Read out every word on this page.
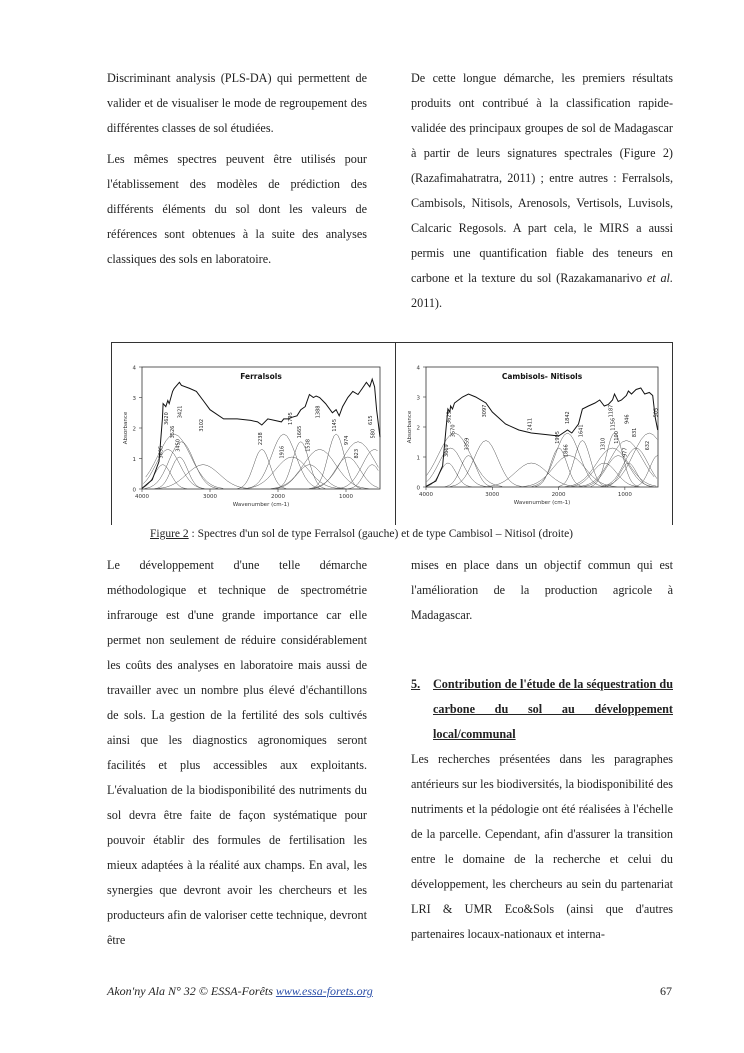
Discriminant analysis (PLS-DA) qui permettent de valider et de visualiser le mode de regroupement des différentes classes de sol étudiées.

Les mêmes spectres peuvent être utilisés pour l'établissement des modèles de prédiction des différents éléments du sol dont les valeurs de références sont obtenues à la suite des analyses classiques des sols en laboratoire.

De cette longue démarche, les premiers résultats produits ont contribué à la classification rapide-validée des principaux groupes de sol de Madagascar à partir de leurs signatures spectrales (Figure 2) (Razafimahatratra, 2011) ; entre autres : Ferralsols, Cambisols, Nitisols, Arenosols, Vertisols, Luvisols, Calcaric Regosols. A part cela, le MIRS a aussi permis une quantification fiable des teneurs en carbone et la texture du sol (Razakamanarivo et al. 2011).

0
1
2
3
4
4000	3000	2000	1000
3695
3620
3526
3450
3421
3102
2238
1916
1795
1665
1538
1388
1145
974
823
615
580
Ferralsols
Wavenumber (cm-1)
Absorbance
0
1
2
3
4
4000	3000	2000	1000
3669
3629
3570
3359
3097
2411
1995
1866
1842
1641
1310
1187
1156
1100
977
946
831
632
505
Cambisols- Nitisols
Wavenumber (cm-1)
Absorbance
Figure 2 : Spectres d'un sol de type Ferralsol (gauche) et de type Cambisol – Nitisol (droite)

Le développement d'une telle démarche méthodologique et technique de spectrométrie infrarouge est d'une grande importance car elle permet non seulement de réduire considérablement les coûts des analyses en laboratoire mais aussi de travailler avec un nombre plus élevé d'échantillons de sols. La gestion de la fertilité des sols cultivés ainsi que les diagnostics agronomiques seront facilités et plus accessibles aux exploitants. L'évaluation de la biodisponibilité des nutriments du sol devra être faite de façon systématique pour pouvoir établir des formules de fertilisation les mieux adaptées à la réalité aux champs. En aval, les synergies que devront avoir les chercheurs et les producteurs afin de valoriser cette technique, devront être

mises en place dans un objectif commun qui est l'amélioration de la production agricole à Madagascar.

5.	Contribution de l'étude de la séquestration du carbone du sol au développement local/communal

Les recherches présentées dans les paragraphes antérieurs sur les biodiversités, la biodisponibilité des nutriments et la pédologie ont été réalisées à l'échelle de la parcelle. Cependant, afin d'assurer la transition entre le domaine de la recherche et celui du développement, les chercheurs au sein du partenariat LRI & UMR Eco&Sols (ainsi que d'autres partenaires locaux-nationaux et interna-

Akon'ny Ala N° 32 © ESSA-Forêts www.essa-forets.org	67
